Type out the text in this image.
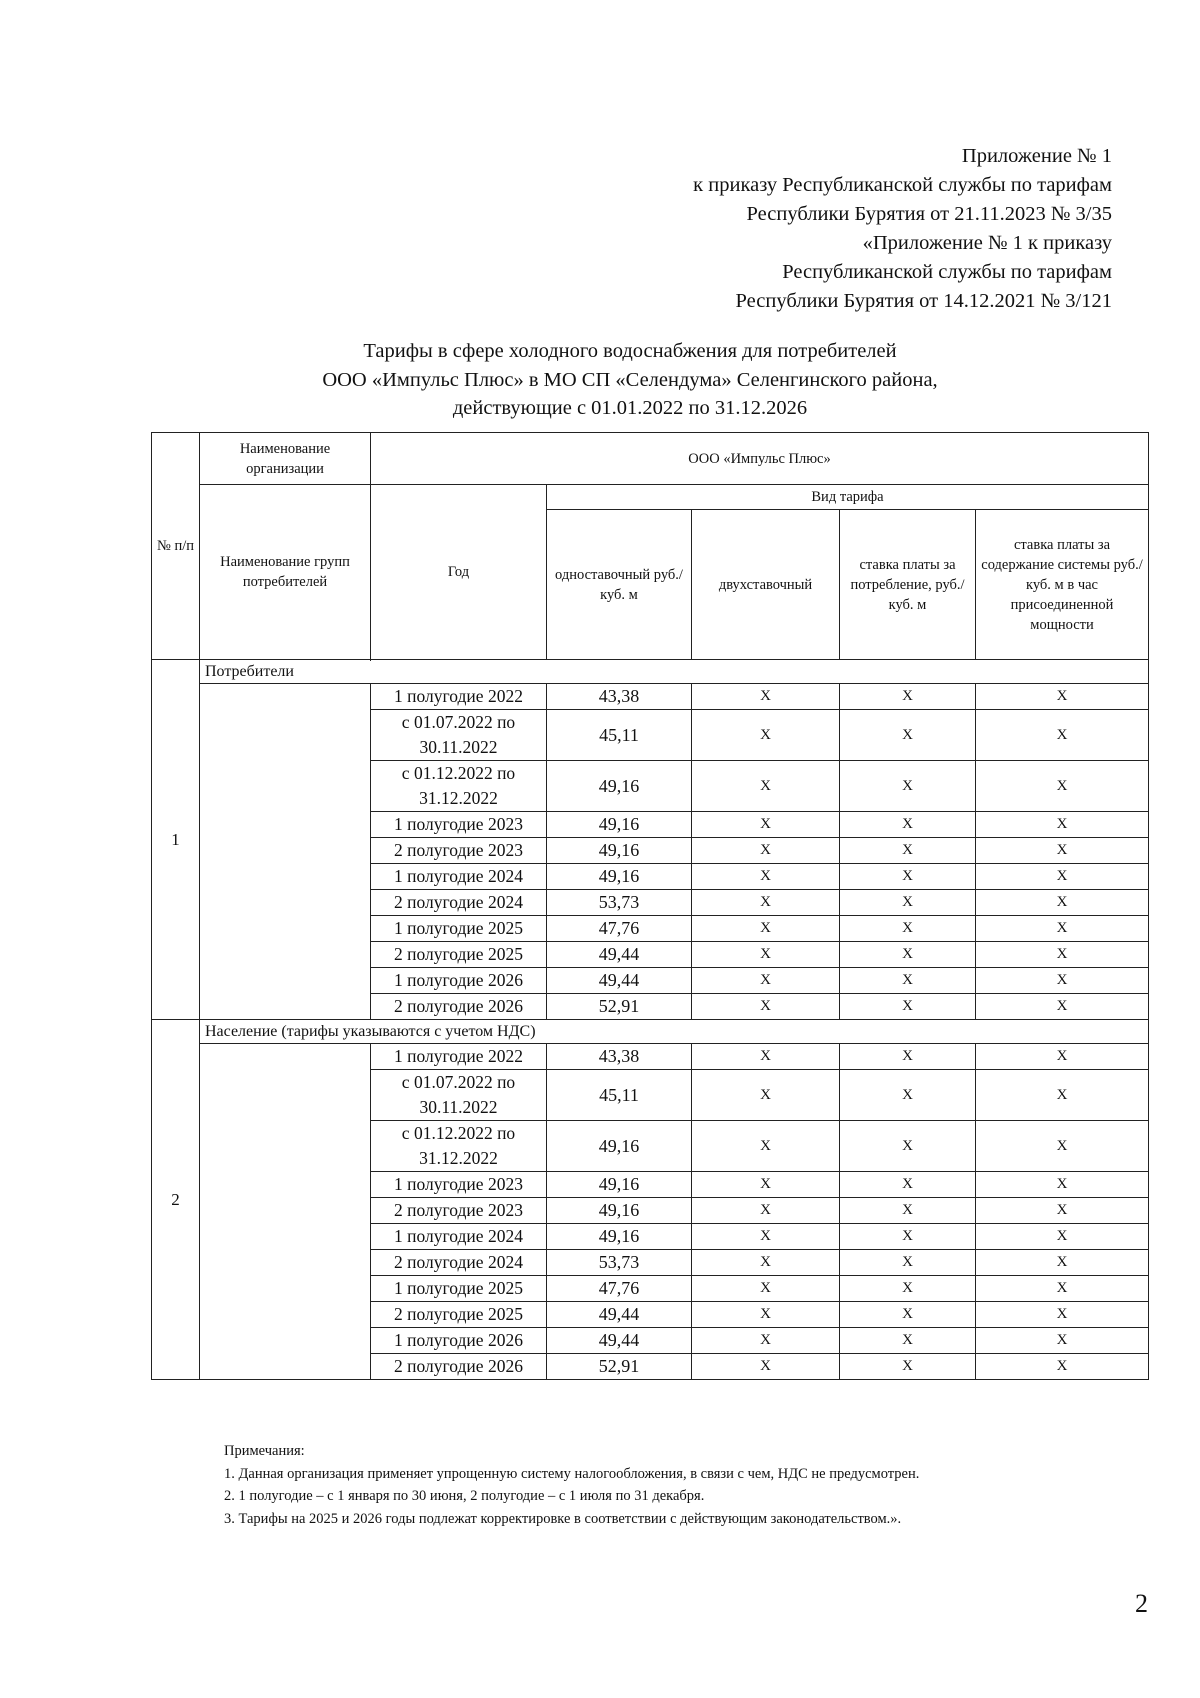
Приложение № 1
к приказу Республиканской службы по тарифам
Республики Бурятия от 21.11.2023 № 3/35
«Приложение № 1 к приказу
Республиканской службы по тарифам
Республики Бурятия от 14.12.2021 № 3/121
Тарифы в сфере холодного водоснабжения для потребителей
ООО «Импульс Плюс» в МО СП «Селендума» Селенгинского района,
действующие с 01.01.2022 по 31.12.2026
№ п/п	Наименование организации	ООО «Импульс Плюс»				
	Наименование групп потребителей	Год	Вид тарифа			
			одноставочный руб./ куб. м	двухставочный	ставка платы за потребление, руб./ куб. м	ставка платы за содержание системы руб./куб. м в час присоединенной мощности

1	Потребители					
		1 полугодие 2022	43,38	X	X	X
		с 01.07.2022 по 30.11.2022	45,11	X	X	X
		с 01.12.2022 по 31.12.2022	49,16	X	X	X
		1 полугодие 2023	49,16	X	X	X
		2 полугодие 2023	49,16	X	X	X
		1 полугодие 2024	49,16	X	X	X
		2 полугодие 2024	53,73	X	X	X
		1 полугодие 2025	47,76	X	X	X
		2 полугодие 2025	49,44	X	X	X
		1 полугодие 2026	49,44	X	X	X
		2 полугодие 2026	52,91	X	X	X
2	Население (тарифы указываются с учетом НДС)					
		1 полугодие 2022	43,38	X	X	X
		с 01.07.2022 по 30.11.2022	45,11	X	X	X
		с 01.12.2022 по 31.12.2022	49,16	X	X	X
		1 полугодие 2023	49,16	X	X	X
		2 полугодие 2023	49,16	X	X	X
		1 полугодие 2024	49,16	X	X	X
		2 полугодие 2024	53,73	X	X	X
		1 полугодие 2025	47,76	X	X	X
		2 полугодие 2025	49,44	X	X	X
		1 полугодие 2026	49,44	X	X	X
		2 полугодие 2026	52,91	X	X	X
Примечания:
1. Данная организация применяет упрощенную систему налогообложения, в связи с чем, НДС не предусмотрен.
2. 1 полугодие – с 1 января по 30 июня, 2 полугодие – с 1 июля по 31 декабря.
3. Тарифы на 2025 и 2026 годы подлежат корректировке в соответствии с действующим законодательством.».
2
